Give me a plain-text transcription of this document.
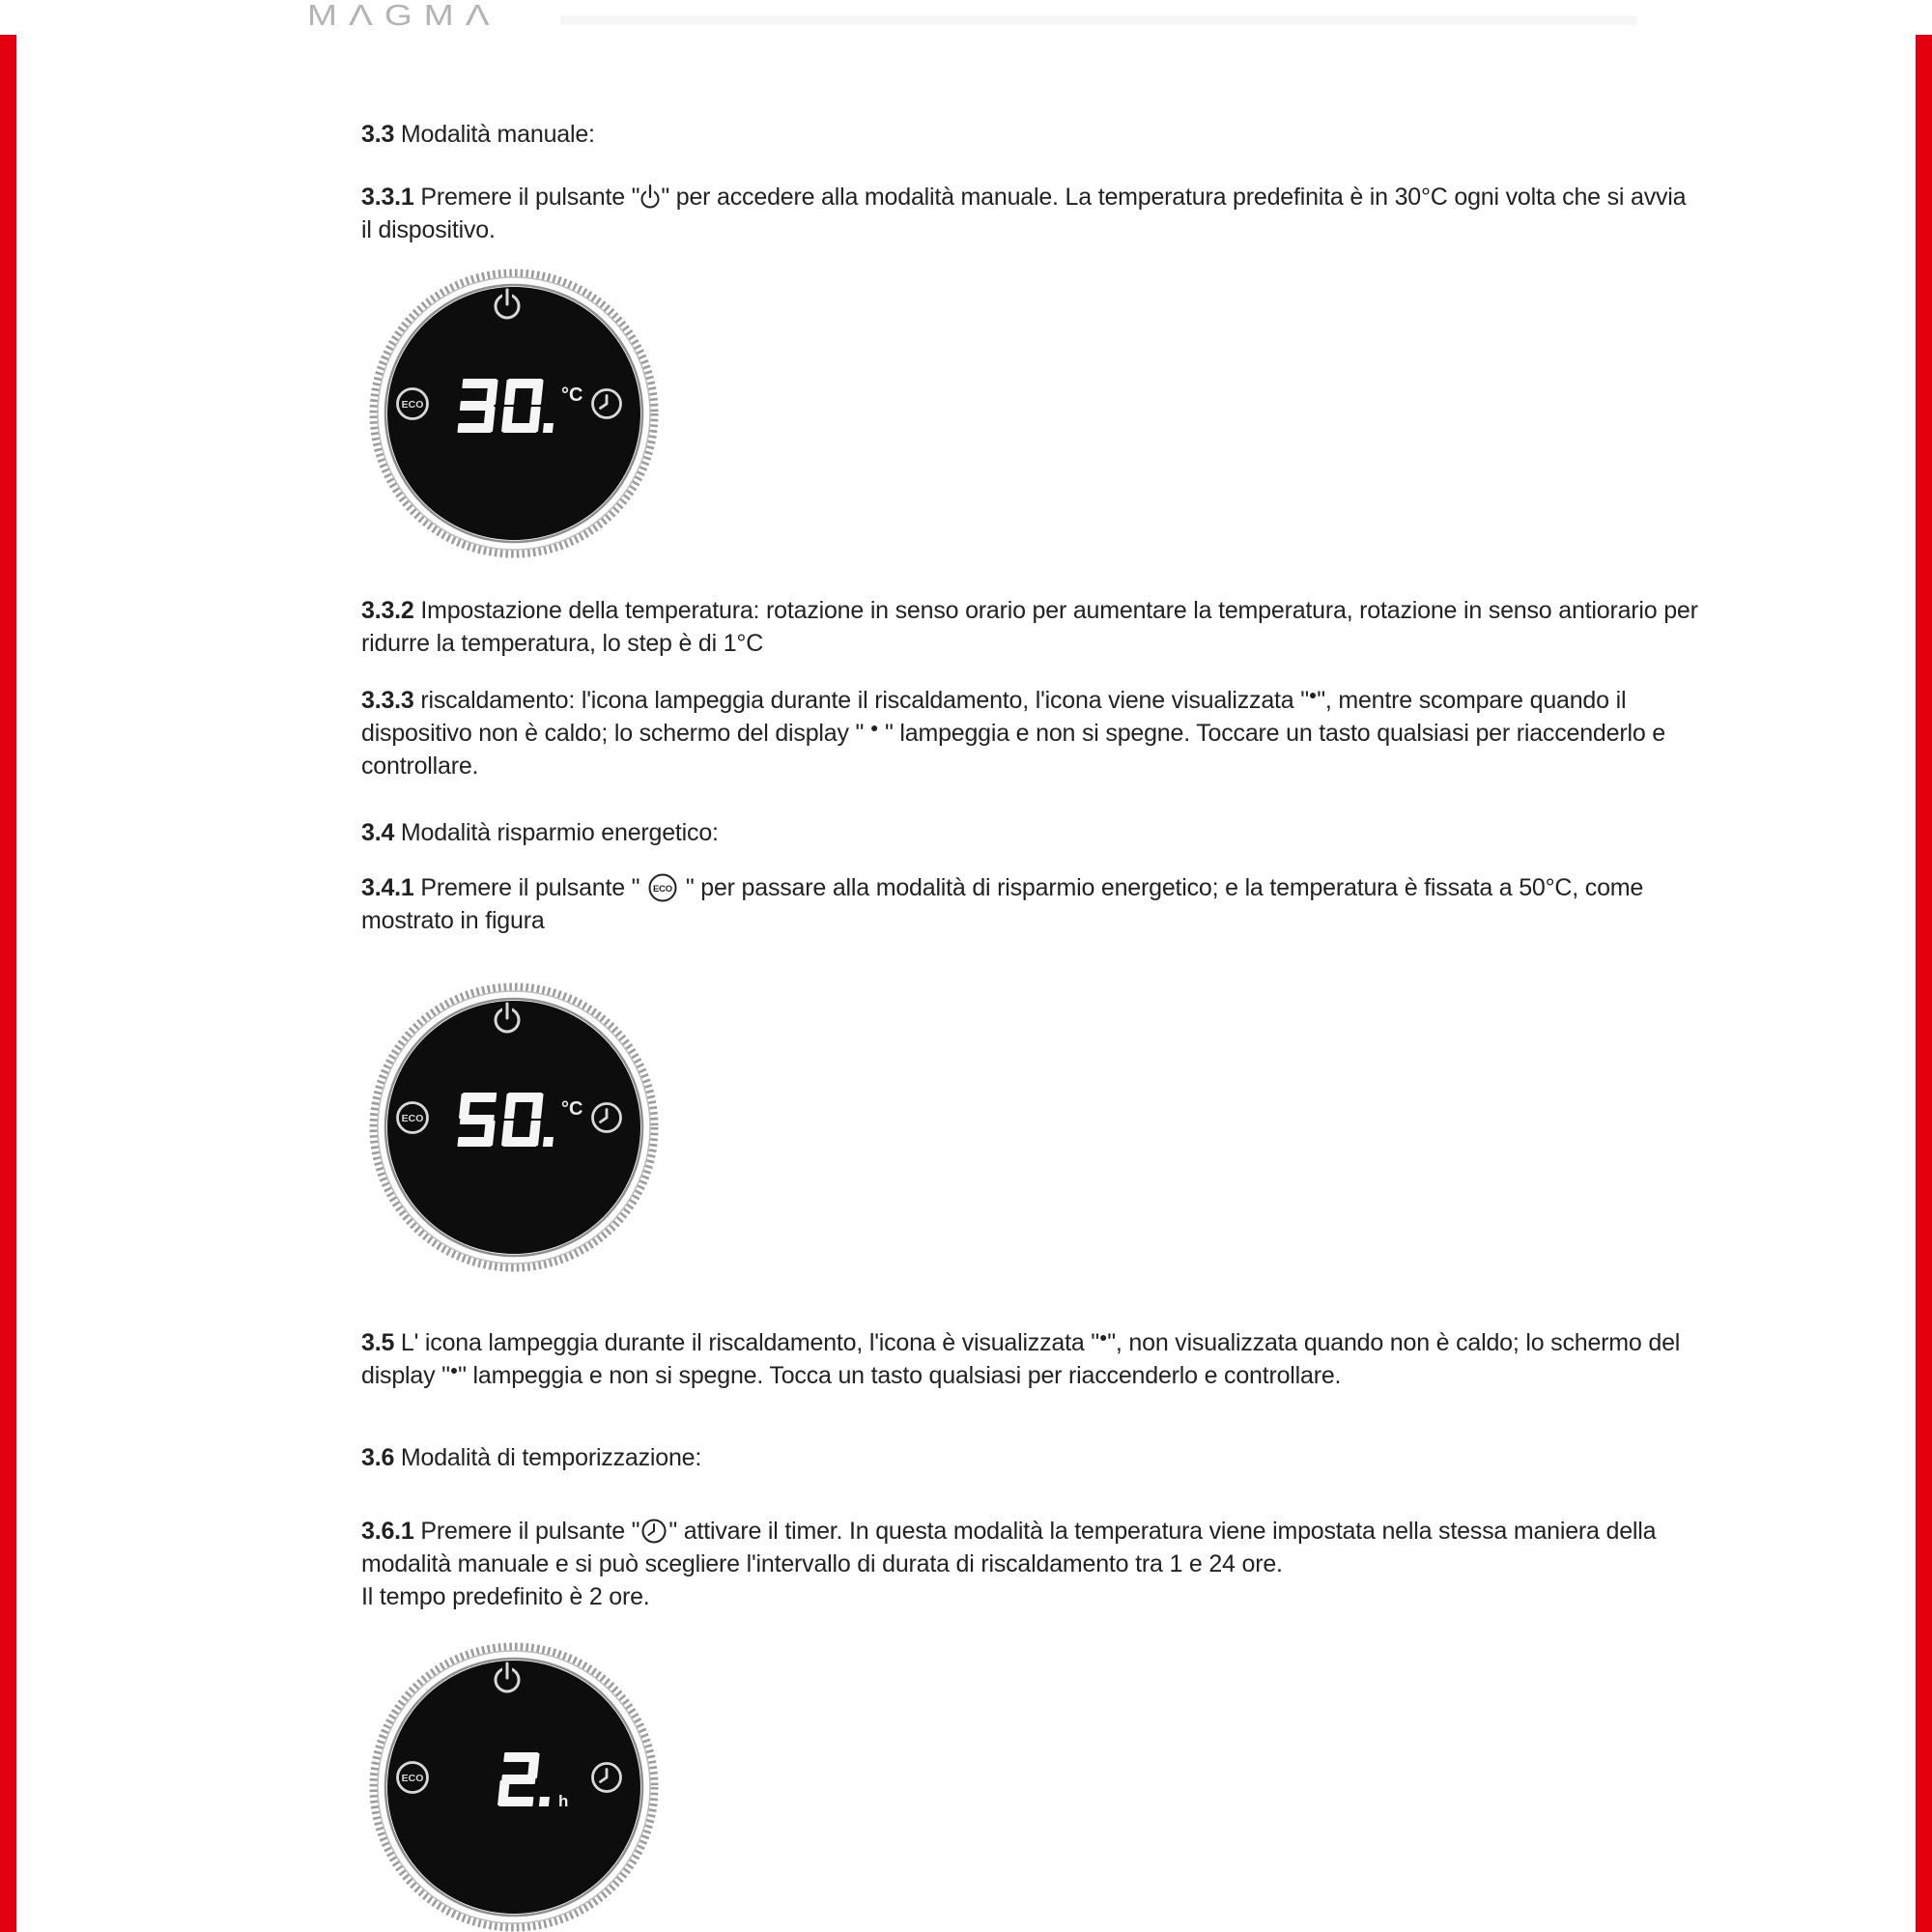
MΛGMΛ
3.3 Modalità manuale:
3.3.1 Premere il pulsante " " per accedere alla modalità manuale. La temperatura predefinita è in 30°C ogni volta che si avvia
il dispositivo.
ECO	°C
3.3.2 Impostazione della temperatura: rotazione in senso orario per aumentare la temperatura, rotazione in senso antiorario per
ridurre la temperatura, lo step è di 1°C
3.3.3 riscaldamento: l'icona lampeggia durante il riscaldamento, l'icona viene visualizzata "●", mentre scompare quando il
dispositivo non è caldo; lo schermo del display " ● " lampeggia e non si spegne. Toccare un tasto qualsiasi per riaccenderlo e
controllare.
3.4 Modalità risparmio energetico:
3.4.1 Premere il pulsante " ECO " per passare alla modalità di risparmio energetico; e la temperatura è fissata a 50°C, come
mostrato in figura
ECO	°C
3.5 L' icona lampeggia durante il riscaldamento, l'icona è visualizzata "●", non visualizzata quando non è caldo; lo schermo del
display "●" lampeggia e non si spegne. Tocca un tasto qualsiasi per riaccenderlo e controllare.
3.6 Modalità di temporizzazione:
3.6.1 Premere il pulsante " " attivare il timer. In questa modalità la temperatura viene impostata nella stessa maniera della
modalità manuale e si può scegliere l'intervallo di durata di riscaldamento tra 1 e 24 ore.
Il tempo predefinito è 2 ore.
ECO
h
